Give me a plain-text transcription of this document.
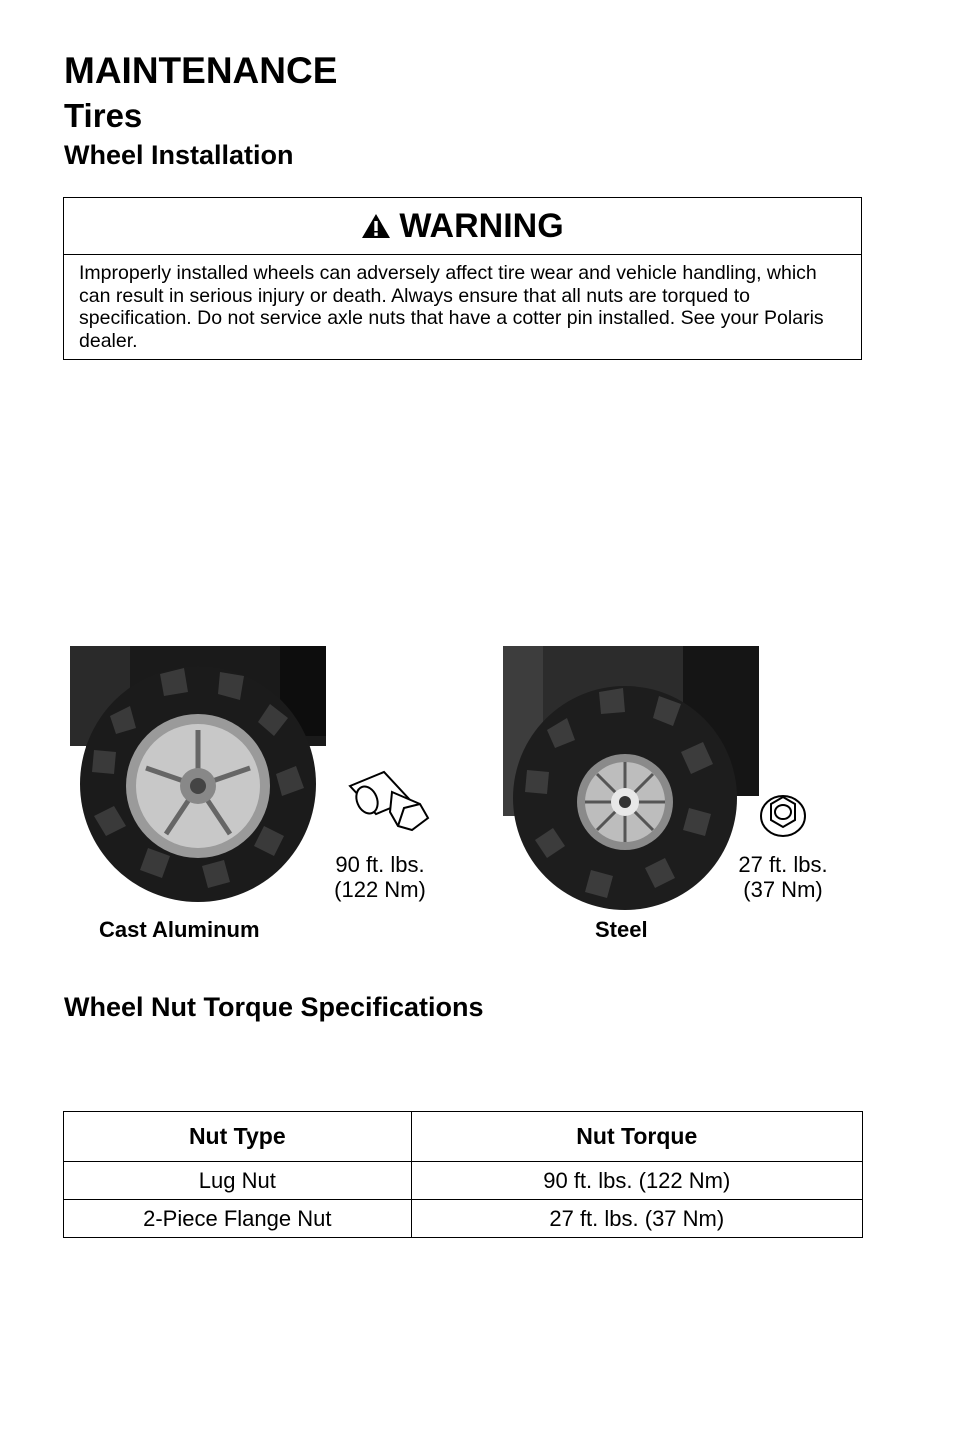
MAINTENANCE
Tires
Wheel Installation
WARNING
Improperly installed wheels can adversely affect tire wear and vehicle handling, which can result in serious injury or death. Always ensure that all nuts are torqued to specification. Do not service axle nuts that have a cotter pin installed. See your Polaris dealer.
90 ft. lbs.
(122 Nm)
Cast Aluminum
27 ft. lbs.
(37 Nm)
Steel
Wheel Nut Torque Specifications
Nut Type	Nut Torque
Lug Nut	90 ft. lbs. (122 Nm)
2-Piece Flange Nut	27 ft. lbs. (37 Nm)
